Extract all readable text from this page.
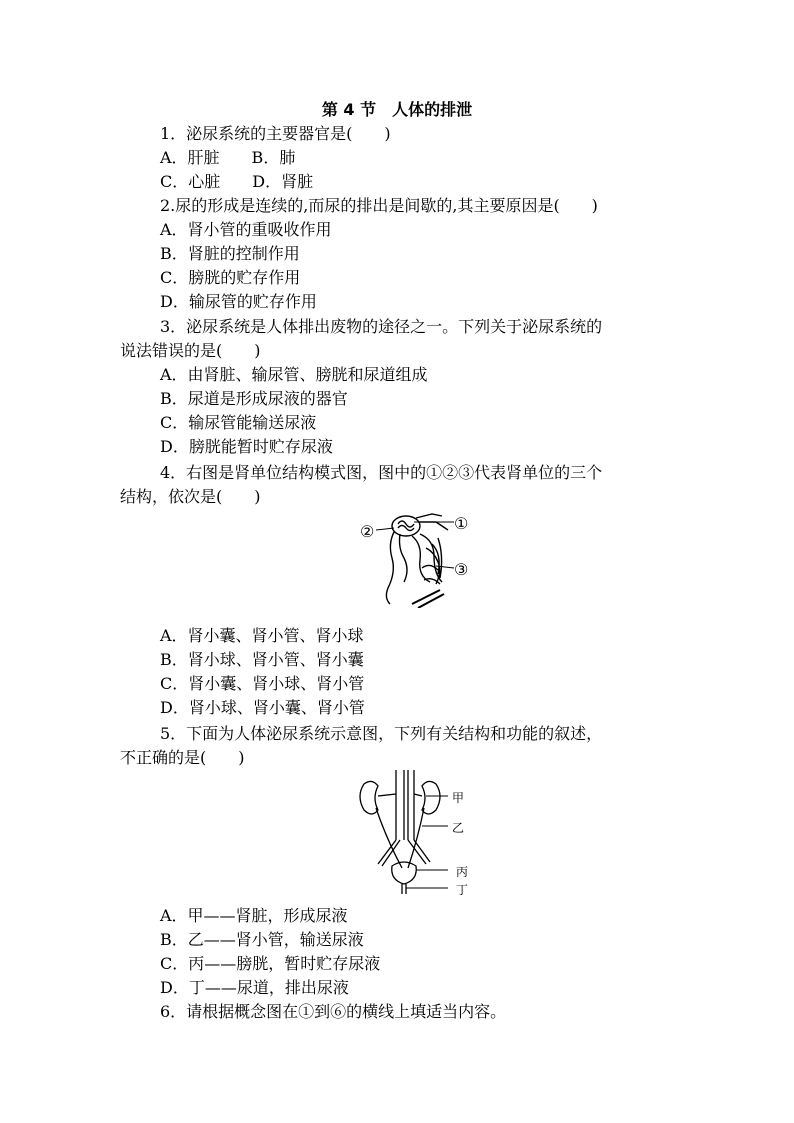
第 4 节　人体的排泄
1．泌尿系统的主要器官是(　　)
A．肝脏　　B．肺
C．心脏　　D．肾脏
2.尿的形成是连续的,而尿的排出是间歇的,其主要原因是(　　)
A．肾小管的重吸收作用
B．肾脏的控制作用
C．膀胱的贮存作用
D．输尿管的贮存作用
3．泌尿系统是人体排出废物的途径之一。下列关于泌尿系统的
说法错误的是(　　)
A．由肾脏、输尿管、膀胱和尿道组成
B．尿道是形成尿液的器官
C．输尿管能输送尿液
D．膀胱能暂时贮存尿液
4．右图是肾单位结构模式图，图中的①②③代表肾单位的三个
结构，依次是(　　)
①
②
③
A．肾小囊、肾小管、肾小球
B．肾小球、肾小管、肾小囊
C．肾小囊、肾小球、肾小管
D．肾小球、肾小囊、肾小管
5．下面为人体泌尿系统示意图，下列有关结构和功能的叙述，
不正确的是(　　)
甲
乙
丙
丁
A．甲——肾脏，形成尿液
B．乙——肾小管，输送尿液
C．丙——膀胱，暂时贮存尿液
D．丁——尿道，排出尿液
6．请根据概念图在①到⑥的横线上填适当内容。
